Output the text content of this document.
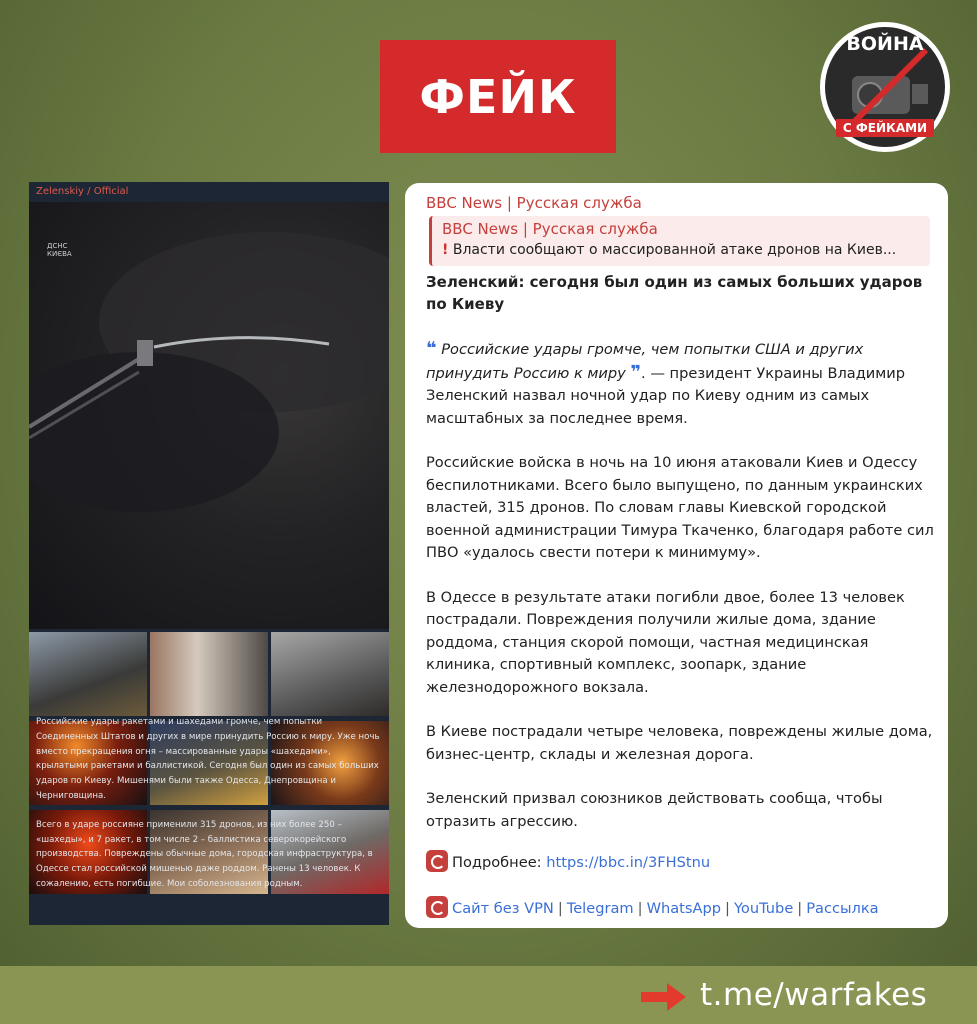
ФЕЙК
ВОЙНА
С ФЕЙКАМИ
Zelenskiy / Official
ДСНС
КИЄВА

Российские удары ракетами и шахедами громче, чем попытки Соединенных Штатов и других в мире принудить Россию к миру. Уже ночь вместо прекращения огня – массированные удары «шахедами», крылатыми ракетами и баллистикой. Сегодня был один из самых больших ударов по Киеву. Мишенями были также Одесса, Днепровщина и Черниговщина.

Всего в ударе россияне применили 315 дронов, из них более 250 – «шахеды», и 7 ракет, в том числе 2 – баллистика северокорейского производства. Повреждены обычные дома, городская инфраструктура, в Одессе стал российской мишенью даже роддом. Ранены 13 человек. К сожалению, есть погибшие. Мои соболезнования родным.

BBC News | Русская служба
BBC News | Русская служба
! Власти сообщают о массированной атаке дронов на Киев...
Зеленский: сегодня был один из самых больших ударов по Киеву

❝ Российские удары громче, чем попытки США и других принудить Россию к миру ❞. — президент Украины Владимир Зеленский назвал ночной удар по Киеву одним из самых масштабных за последнее время.

Российские войска в ночь на 10 июня атаковали Киев и Одессу беспилотниками. Всего было выпущено, по данным украинских властей, 315 дронов. По словам главы Киевской городской военной администрации Тимура Ткаченко, благодаря работе сил ПВО «удалось свести потери к минимуму».

В Одессе в результате атаки погибли двое, более 13 человек пострадали. Повреждения получили жилые дома, здание роддома, станция скорой помощи, частная медицинская клиника, спортивный комплекс, зоопарк, здание железнодорожного вокзала.

В Киеве пострадали четыре человека, повреждены жилые дома, бизнес-центр, склады и железная дорога.

Зеленский призвал союзников действовать сообща, чтобы отразить агрессию.

Подробнее: https://bbc.in/3FHStnu
Сайт без VPN | Telegram | WhatsApp | YouTube | Рассылка
t.me/warfakes
